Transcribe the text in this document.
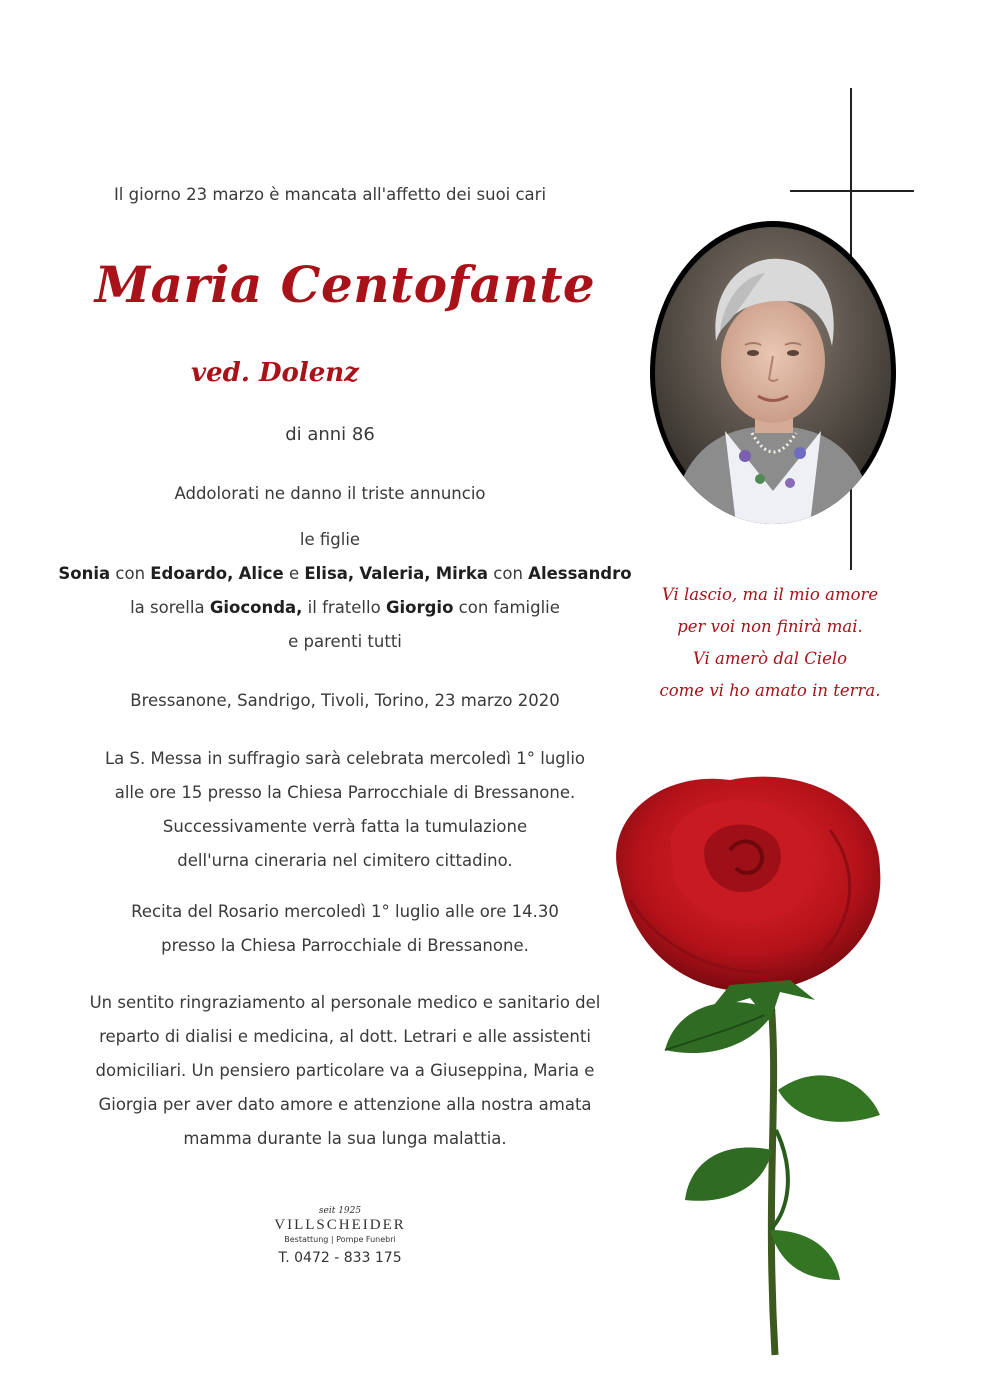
Il giorno 23 marzo è mancata all'affetto dei suoi cari
Maria Centofante
ved. Dolenz
di anni 86
Addolorati ne danno il triste annuncio
le figlie
Sonia con Edoardo, Alice e Elisa, Valeria, Mirka con Alessandro
la sorella Gioconda, il fratello Giorgio con famiglie
e parenti tutti
Bressanone, Sandrigo, Tivoli, Torino, 23 marzo 2020
La S. Messa in suffragio sarà celebrata mercoledì 1° luglio
alle ore 15 presso la Chiesa Parrocchiale di Bressanone.
Successivamente verrà fatta la tumulazione
dell'urna cineraria nel cimitero cittadino.
Recita del Rosario mercoledì 1° luglio alle ore 14.30
presso la Chiesa Parrocchiale di Bressanone.
Un sentito ringraziamento al personale medico e sanitario del
reparto di dialisi e medicina, al dott. Letrari e alle assistenti
domiciliari. Un pensiero particolare va a Giuseppina, Maria e
Giorgia per aver dato amore e attenzione alla nostra amata
mamma durante la sua lunga malattia.
Vi lascio, ma il mio amore
per voi non finirà mai.
Vi amerò dal Cielo
come vi ho amato in terra.
seit 1925
VILLSCHEIDER
Bestattung | Pompe Funebri
T. 0472 - 833 175
